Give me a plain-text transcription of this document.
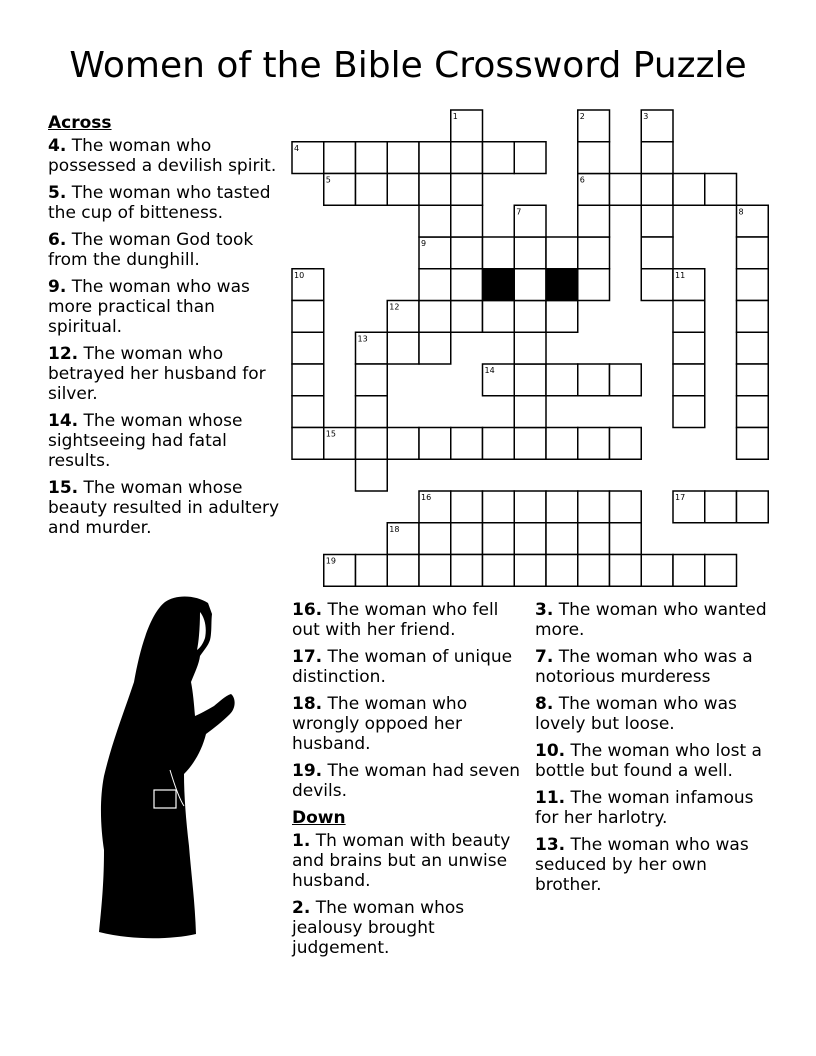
Women of the Bible Crossword Puzzle
Across
4. The woman who possessed a devilish spirit.
5. The woman who tasted the cup of bitteness.
6. The woman God took from the dunghill.
9. The woman who was more practical than spiritual.
12. The woman who betrayed her husband for silver.
14. The woman whose sightseeing had fatal results.
15. The woman whose beauty resulted in adultery and murder.
16. The woman who fell out with her friend.
17. The woman of unique distinction.
18. The woman who wrongly oppoed her husband.
19. The woman had seven devils.
Down
1. Th woman with beauty and brains but an unwise husband.
2. The woman whos jealousy brought judgement.
3. The woman who wanted more.
7. The woman who was a notorious murderess
8. The woman who was lovely but loose.
10. The woman who lost a bottle but found a well.
11. The woman infamous for her harlotry.
13. The woman who was seduced by her own brother.
1	2	3
4
5	6
7	8
9
10	11
12
13
14
15
16	17
18
19
